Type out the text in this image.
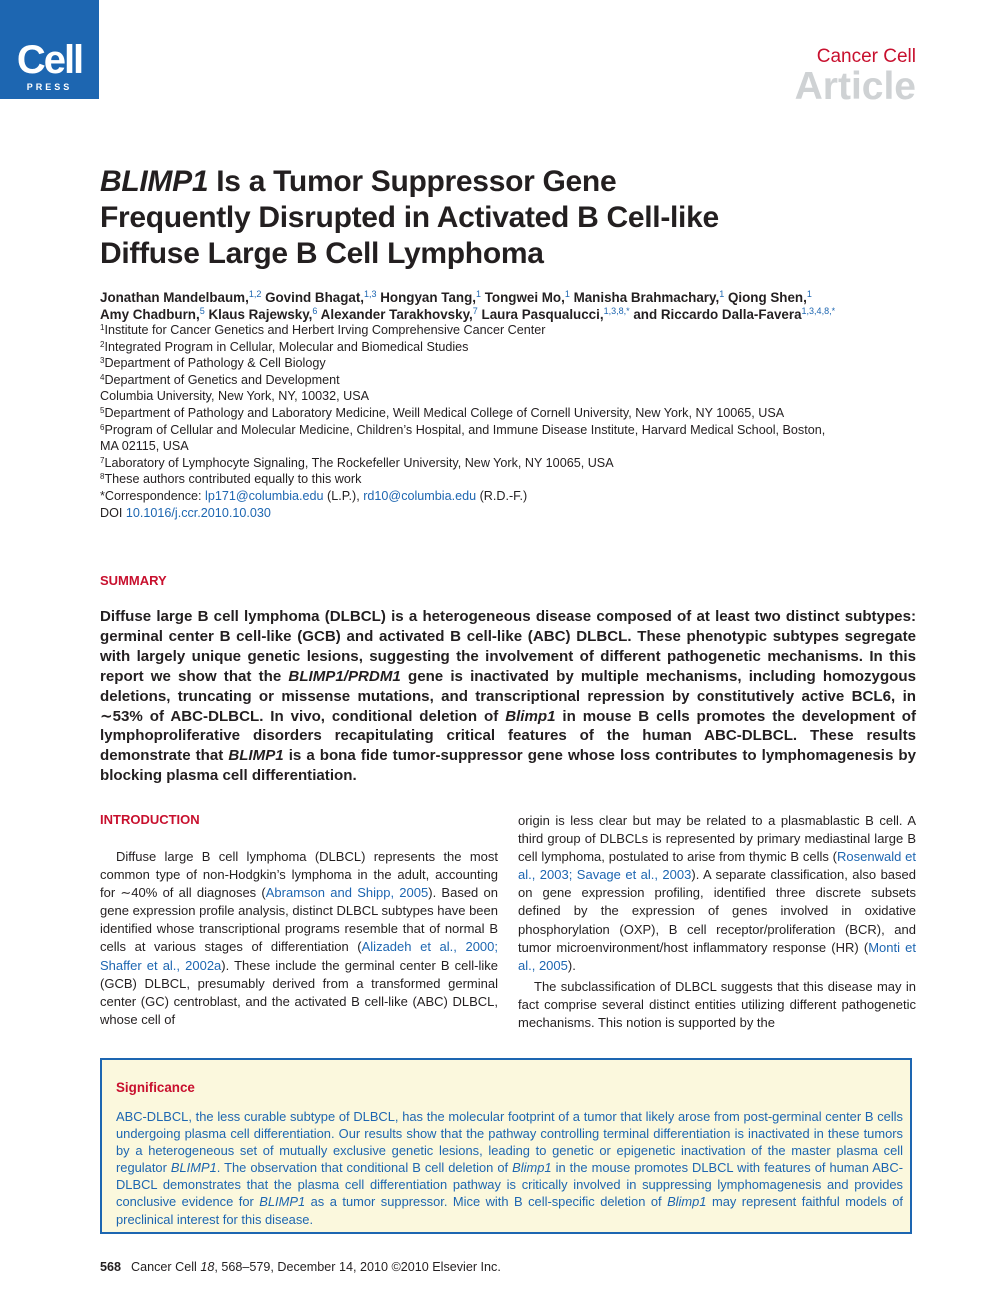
Cell
PRESS
Cancer Cell
Article
BLIMP1 Is a Tumor Suppressor Gene
Frequently Disrupted in Activated B Cell-like
Diffuse Large B Cell Lymphoma
Jonathan Mandelbaum,$^{1,2}$ Govind Bhagat,$^{1,3}$ Hongyan Tang,$^1$ Tongwei Mo,$^1$ Manisha Brahmachary,$^1$ Qiong Shen,$^1$
Amy Chadburn,$^5$ Klaus Rajewsky,$^6$ Alexander Tarakhovsky,$^7$ Laura Pasqualucci,$^{1,3,8,*}$ and Riccardo Dalla-Favera$^{1,3,4,8,*}$
$^1$Institute for Cancer Genetics and Herbert Irving Comprehensive Cancer Center
$^2$Integrated Program in Cellular, Molecular and Biomedical Studies
$^3$Department of Pathology & Cell Biology
$^4$Department of Genetics and Development
Columbia University, New York, NY, 10032, USA
$^5$Department of Pathology and Laboratory Medicine, Weill Medical College of Cornell University, New York, NY 10065, USA
$^6$Program of Cellular and Molecular Medicine, Children’s Hospital, and Immune Disease Institute, Harvard Medical School, Boston,
MA 02115, USA
$^7$Laboratory of Lymphocyte Signaling, The Rockefeller University, New York, NY 10065, USA
$^8$These authors contributed equally to this work
*Correspondence: lp171@columbia.edu (L.P.), rd10@columbia.edu (R.D.-F.)
DOI 10.1016/j.ccr.2010.10.030
SUMMARY
Diffuse large B cell lymphoma (DLBCL) is a heterogeneous disease composed of at least two distinct subtypes: germinal center B cell-like (GCB) and activated B cell-like (ABC) DLBCL. These phenotypic subtypes segregate with largely unique genetic lesions, suggesting the involvement of different pathogenetic mechanisms. In this report we show that the BLIMP1/PRDM1 gene is inactivated by multiple mechanisms, including homozygous deletions, truncating or missense mutations, and transcriptional repression by constitutively active BCL6, in ∼53% of ABC-DLBCL. In vivo, conditional deletion of Blimp1 in mouse B cells promotes the development of lymphoproliferative disorders recapitulating critical features of the human ABC-DLBCL. These results demonstrate that BLIMP1 is a bona fide tumor-suppressor gene whose loss contributes to lymphomagenesis by blocking plasma cell differentiation.
INTRODUCTION

Diffuse large B cell lymphoma (DLBCL) represents the most common type of non-Hodgkin’s lymphoma in the adult, accounting for ∼40% of all diagnoses (Abramson and Shipp, 2005). Based on gene expression profile analysis, distinct DLBCL subtypes have been identified whose transcriptional programs resemble that of normal B cells at various stages of differentiation (Alizadeh et al., 2000; Shaffer et al., 2002a). These include the germinal center B cell-like (GCB) DLBCL, presumably derived from a transformed germinal center (GC) centroblast, and the activated B cell-like (ABC) DLBCL, whose cell of

origin is less clear but may be related to a plasmablastic B cell. A third group of DLBCLs is represented by primary mediastinal large B cell lymphoma, postulated to arise from thymic B cells (Rosenwald et al., 2003; Savage et al., 2003). A separate classification, also based on gene expression profiling, identified three discrete subsets defined by the expression of genes involved in oxidative phosphorylation (OXP), B cell receptor/proliferation (BCR), and tumor microenvironment/host inflammatory response (HR) (Monti et al., 2005).

The subclassification of DLBCL suggests that this disease may in fact comprise several distinct entities utilizing different pathogenetic mechanisms. This notion is supported by the

Significance
ABC-DLBCL, the less curable subtype of DLBCL, has the molecular footprint of a tumor that likely arose from post-germinal center B cells undergoing plasma cell differentiation. Our results show that the pathway controlling terminal differentiation is inactivated in these tumors by a heterogeneous set of mutually exclusive genetic lesions, leading to genetic or epigenetic inactivation of the master plasma cell regulator BLIMP1. The observation that conditional B cell deletion of Blimp1 in the mouse promotes DLBCL with features of human ABC-DLBCL demonstrates that the plasma cell differentiation pathway is critically involved in suppressing lymphomagenesis and provides conclusive evidence for BLIMP1 as a tumor suppressor. Mice with B cell-specific deletion of Blimp1 may represent faithful models of preclinical interest for this disease.
568 Cancer Cell 18, 568–579, December 14, 2010 ©2010 Elsevier Inc.
